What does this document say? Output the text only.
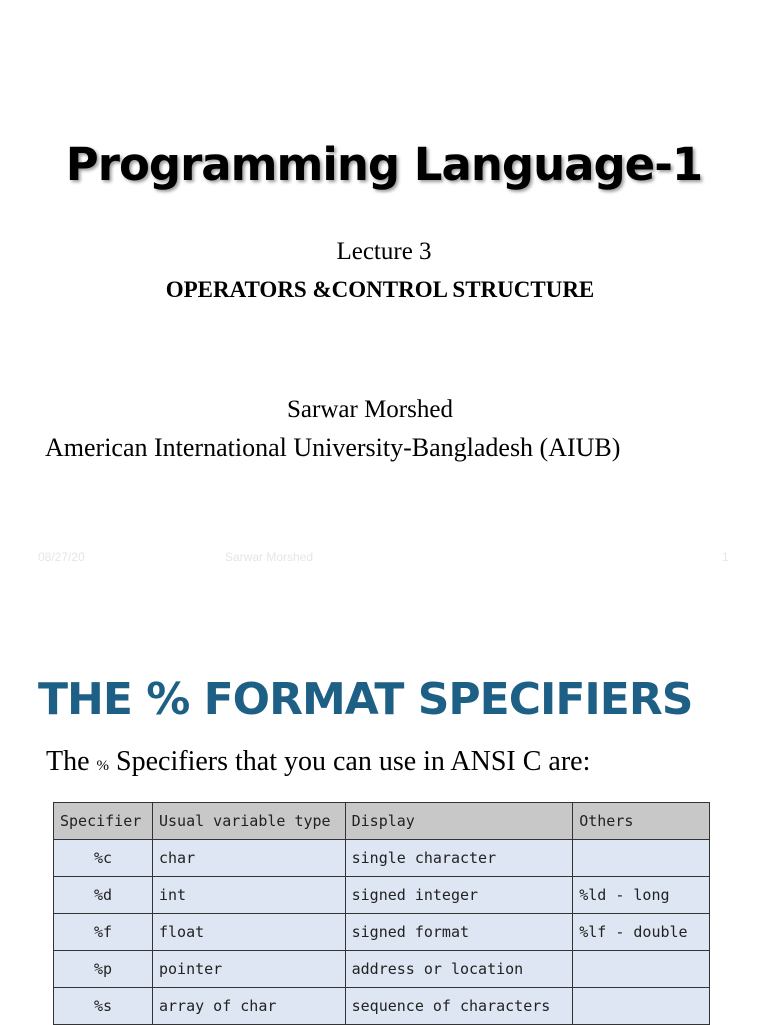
Programming Language-1
Lecture 3
OPERATORS &CONTROL STRUCTURE
Sarwar Morshed
American International University-Bangladesh (AIUB)
08/27/20	Sarwar Morshed	1
THE % FORMAT SPECIFIERS
The % Specifiers that you can use in ANSI C are:
Specifier	Usual variable type	Display	Others
%c	char	single character	
%d	int	signed integer	%ld - long
%f	float	signed format	%lf - double
%p	pointer	address or location	
%s	array of char	sequence of characters	
